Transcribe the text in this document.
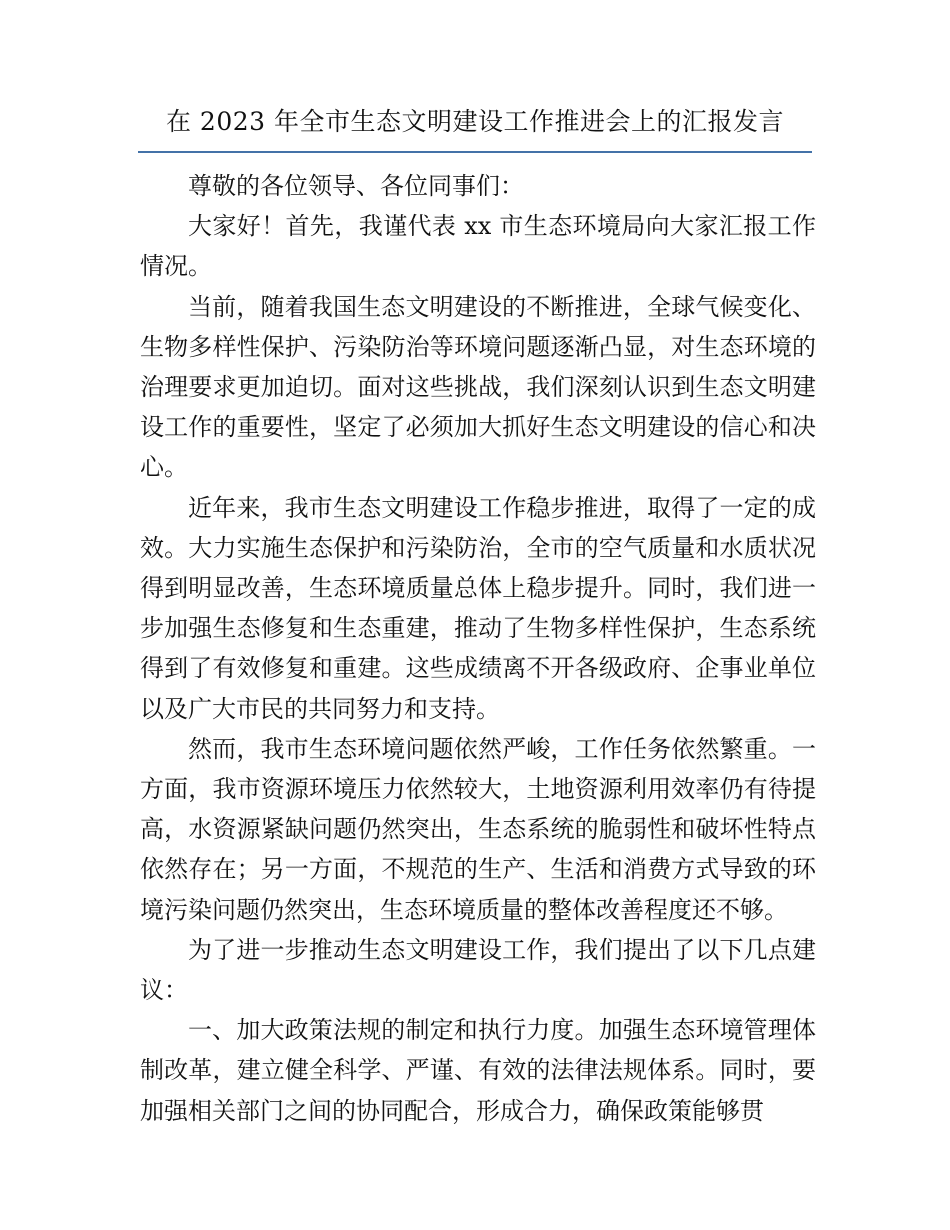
在 2023 年全市生态文明建设工作推进会上的汇报发言

尊敬的各位领导、各位同事们：

大家好！首先，我谨代表 xx 市生态环境局向大家汇报工作情况。

当前，随着我国生态文明建设的不断推进，全球气候变化、生物多样性保护、污染防治等环境问题逐渐凸显，对生态环境的治理要求更加迫切。面对这些挑战，我们深刻认识到生态文明建设工作的重要性，坚定了必须加大抓好生态文明建设的信心和决心。

近年来，我市生态文明建设工作稳步推进，取得了一定的成效。大力实施生态保护和污染防治，全市的空气质量和水质状况得到明显改善，生态环境质量总体上稳步提升。同时，我们进一步加强生态修复和生态重建，推动了生物多样性保护，生态系统得到了有效修复和重建。这些成绩离不开各级政府、企事业单位以及广大市民的共同努力和支持。

然而，我市生态环境问题依然严峻，工作任务依然繁重。一方面，我市资源环境压力依然较大，土地资源利用效率仍有待提高，水资源紧缺问题仍然突出，生态系统的脆弱性和破坏性特点依然存在；另一方面，不规范的生产、生活和消费方式导致的环境污染问题仍然突出，生态环境质量的整体改善程度还不够。

为了进一步推动生态文明建设工作，我们提出了以下几点建议：

一、加大政策法规的制定和执行力度。加强生态环境管理体制改革，建立健全科学、严谨、有效的法律法规体系。同时，要加强相关部门之间的协同配合，形成合力，确保政策能够贯
